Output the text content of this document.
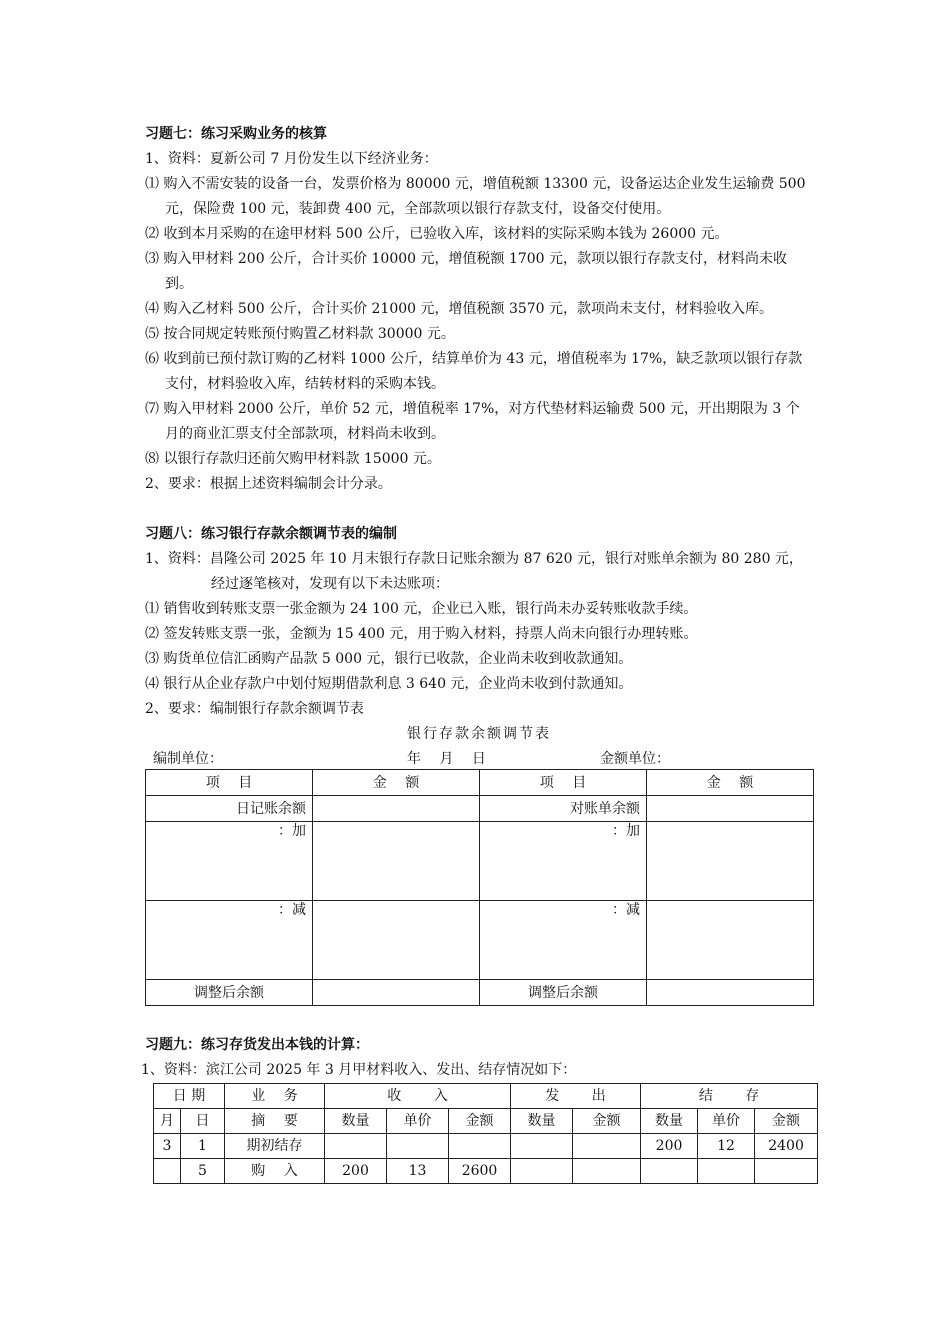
习题七：练习采购业务的核算
1、资料：夏新公司 7 月份发生以下经济业务：
⑴ 购入不需安装的设备一台，发票价格为 80000 元，增值税额 13300 元，设备运达企业发生运输费 500 元，保险费 100 元，装卸费 400 元，全部款项以银行存款支付，设备交付使用。
⑵ 收到本月采购的在途甲材料 500 公斤，已验收入库，该材料的实际采购本钱为 26000 元。
⑶ 购入甲材料 200 公斤，合计买价 10000 元，增值税额 1700 元，款项以银行存款支付，材料尚未收到。
⑷ 购入乙材料 500 公斤，合计买价 21000 元，增值税额 3570 元，款项尚未支付，材料验收入库。
⑸ 按合同规定转账预付购置乙材料款 30000 元。
⑹ 收到前已预付款订购的乙材料 1000 公斤，结算单价为 43 元，增值税率为 17%，缺乏款项以银行存款支付，材料验收入库，结转材料的采购本钱。
⑺ 购入甲材料 2000 公斤，单价 52 元，增值税率 17%，对方代垫材料运输费 500 元，开出期限为 3 个月的商业汇票支付全部款项，材料尚未收到。
⑻ 以银行存款归还前欠购甲材料款 15000 元。
2、要求：根据上述资料编制会计分录。
习题八：练习银行存款余额调节表的编制
1、资料：昌隆公司 2025 年 10 月末银行存款日记账余额为 87 620 元，银行对账单余额为 80 280 元，经过逐笔核对，发现有以下未达账项：
⑴ 销售收到转账支票一张金额为 24 100 元，企业已入账，银行尚未办妥转账收款手续。
⑵ 签发转账支票一张，金额为 15 400 元，用于购入材料，持票人尚未向银行办理转账。
⑶ 购货单位信汇函购产品款 5 000 元，银行已收款，企业尚未收到收款通知。
⑷ 银行从企业存款户中划付短期借款利息 3 640 元，企业尚未收到付款通知。
2、要求：编制银行存款余额调节表
银行存款余额调节表
编制单位：	年　 月　 日	金额单位：
项　 目	金　 额	项　 目	金　 额
日记账余额		对账单余额	
：加		：加	
：减		：减	
调整后余额		调整后余额	
习题九：练习存货发出本钱的计算：
1、资料：滨江公司 2025 年 3 月甲材料收入、发出、结存情况如下：
日 期		业　 务	收　　 入			发　　 出		结　　 存		
月	日	摘　 要	数量	单价	金额	数量	金额	数量	单价	金额
3	1	期初结存						200	12	2400
	5	购　 入	200	13	2600					
